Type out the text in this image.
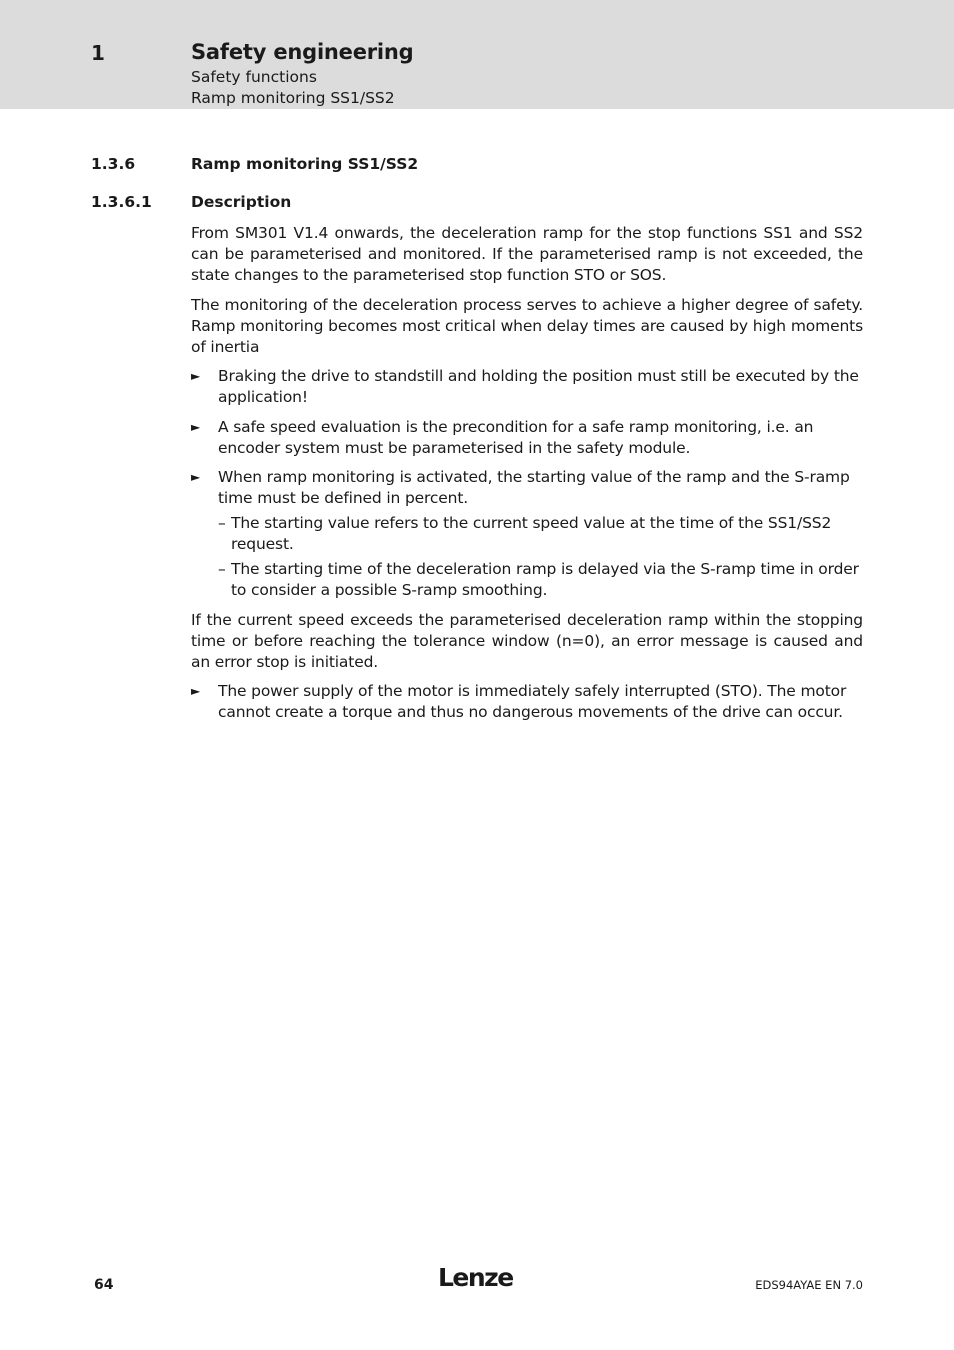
1	Safety engineering
Safety functions
Ramp monitoring SS1/SS2
1.3.6	Ramp monitoring SS1/SS2
1.3.6.1	Description
From SM301 V1.4 onwards, the deceleration ramp for the stop functions SS1 and SS2 can be parameterised and monitored. If the parameterised ramp is not exceeded, the state changes to the parameterised stop function STO or SOS.
The monitoring of the deceleration process serves to achieve a higher degree of safety. Ramp monitoring becomes most critical when delay times are caused by high moments of inertia
► Braking the drive to standstill and holding the position must still be executed by the application!
► A safe speed evaluation is the precondition for a safe ramp monitoring, i.e. an encoder system must be parameterised in the safety module.
► When ramp monitoring is activated, the starting value of the ramp and the S-ramp time must be defined in percent.
– The starting value refers to the current speed value at the time of the SS1/SS2 request.
– The starting time of the deceleration ramp is delayed via the S-ramp time in order to consider a possible S-ramp smoothing.
If the current speed exceeds the parameterised deceleration ramp within the stopping time or before reaching the tolerance window (n=0), an error message is caused and an error stop is initiated.
► The power supply of the motor is immediately safely interrupted (STO). The motor cannot create a torque and thus no dangerous movements of the drive can occur.
64	Lenze	EDS94AYAE EN 7.0
